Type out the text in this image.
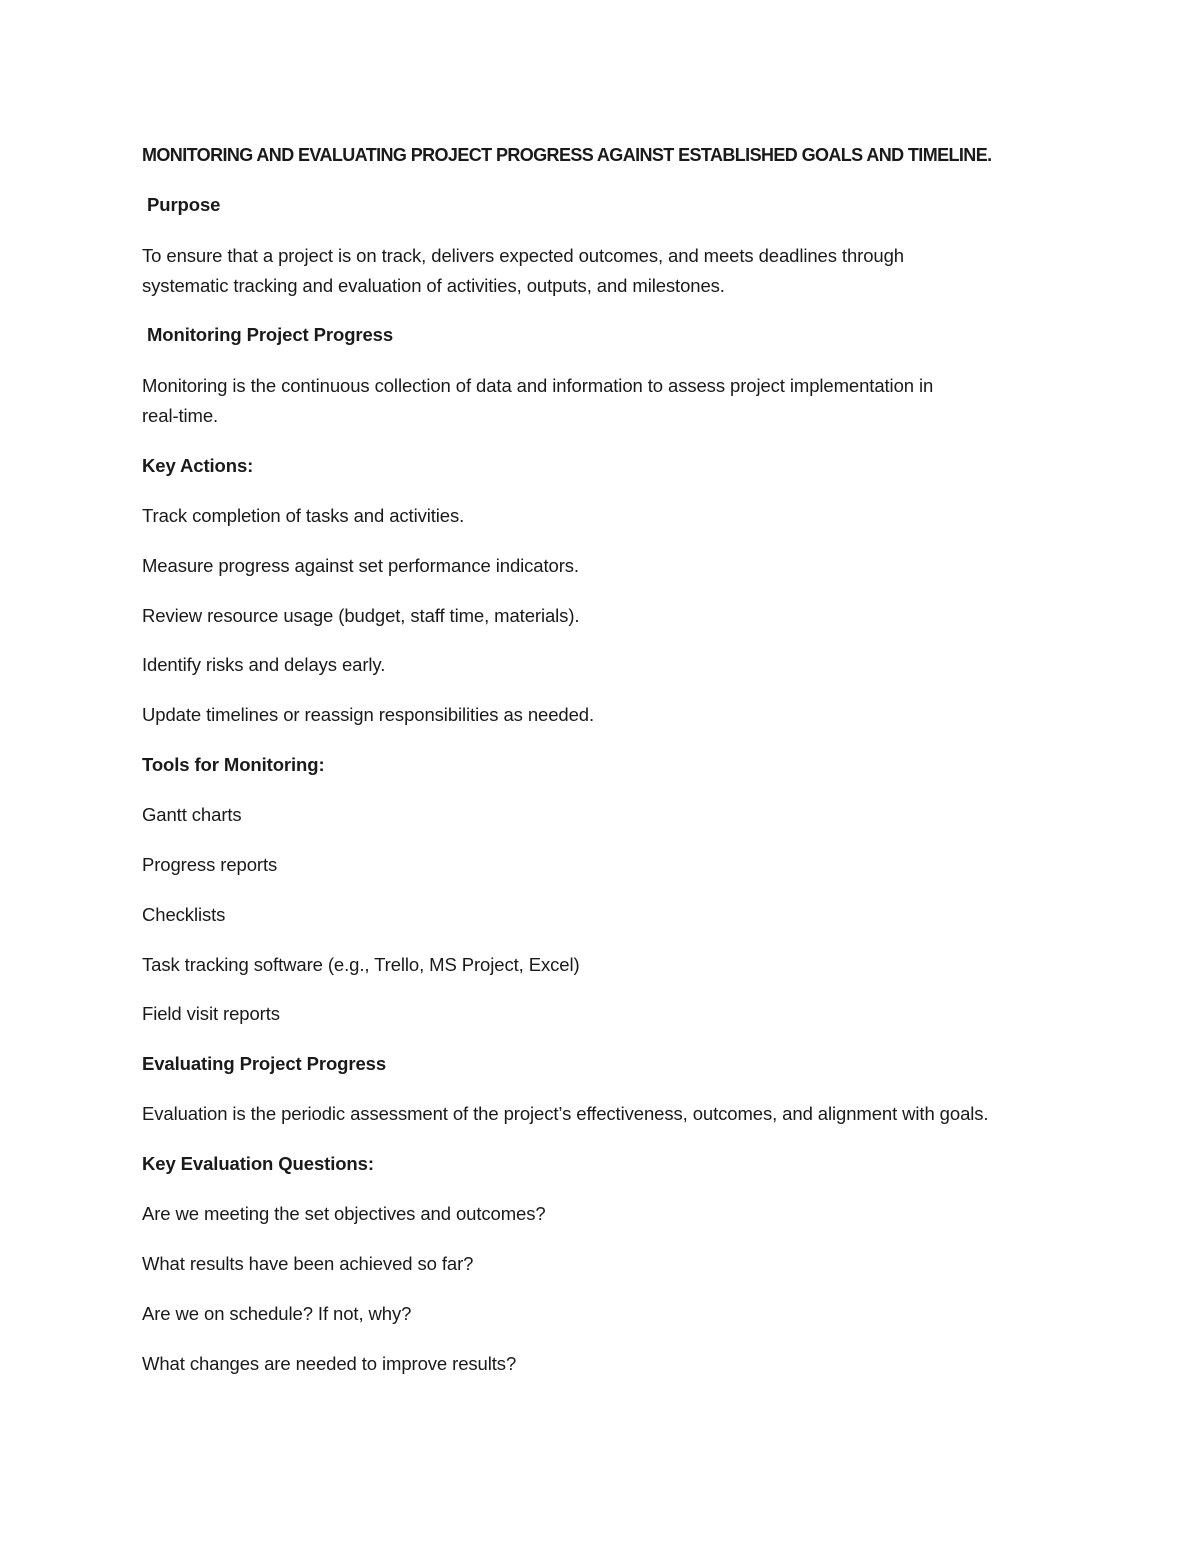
MONITORING AND EVALUATING PROJECT PROGRESS AGAINST ESTABLISHED GOALS AND TIMELINE.
Purpose
To ensure that a project is on track, delivers expected outcomes, and meets deadlines through
systematic tracking and evaluation of activities, outputs, and milestones.
Monitoring Project Progress
Monitoring is the continuous collection of data and information to assess project implementation in
real-time.
Key Actions:
Track completion of tasks and activities.
Measure progress against set performance indicators.
Review resource usage (budget, staff time, materials).
Identify risks and delays early.
Update timelines or reassign responsibilities as needed.
Tools for Monitoring:
Gantt charts
Progress reports
Checklists
Task tracking software (e.g., Trello, MS Project, Excel)
Field visit reports
Evaluating Project Progress
Evaluation is the periodic assessment of the project’s effectiveness, outcomes, and alignment with goals.
Key Evaluation Questions:
Are we meeting the set objectives and outcomes?
What results have been achieved so far?
Are we on schedule? If not, why?
What changes are needed to improve results?
